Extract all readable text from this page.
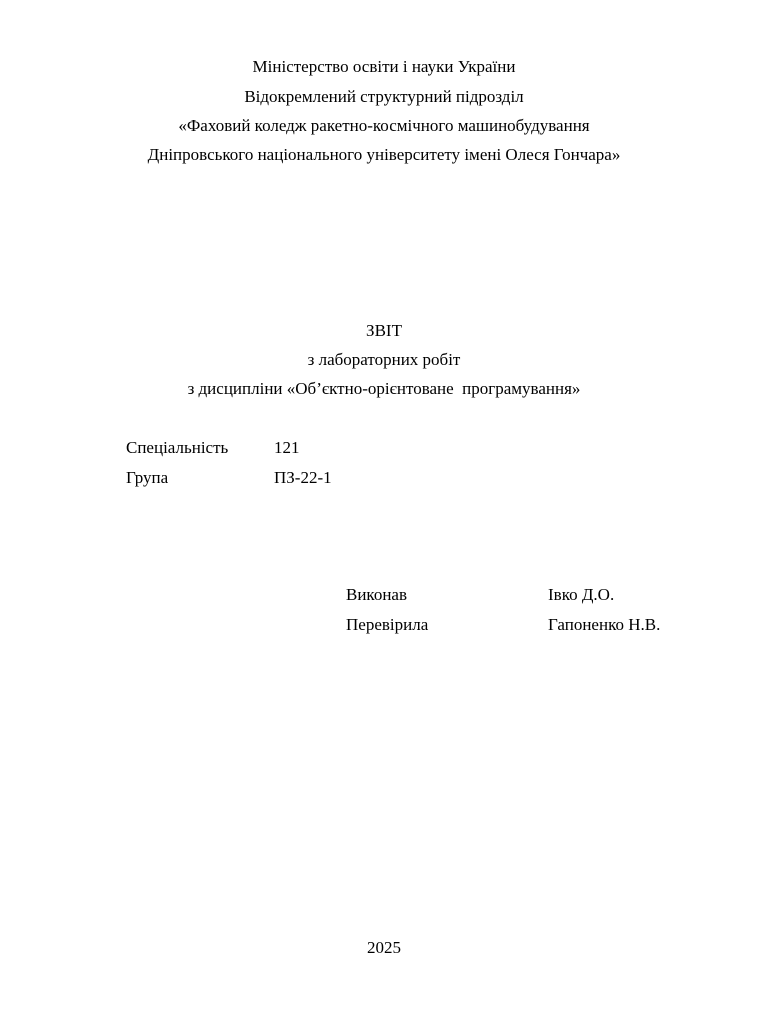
Міністерство освіти і науки України
Відокремлений структурний підрозділ
«Фаховий коледж ракетно-космічного машинобудування
Дніпровського національного університету імені Олеся Гончара»
ЗВІТ
з лабораторних робіт
з дисципліни «Об’єктно-орієнтоване  програмування»
Спеціальність	121
Група	ПЗ-22-1
Виконав	Івко Д.О.
Перевірила	Гапоненко Н.В.
2025
